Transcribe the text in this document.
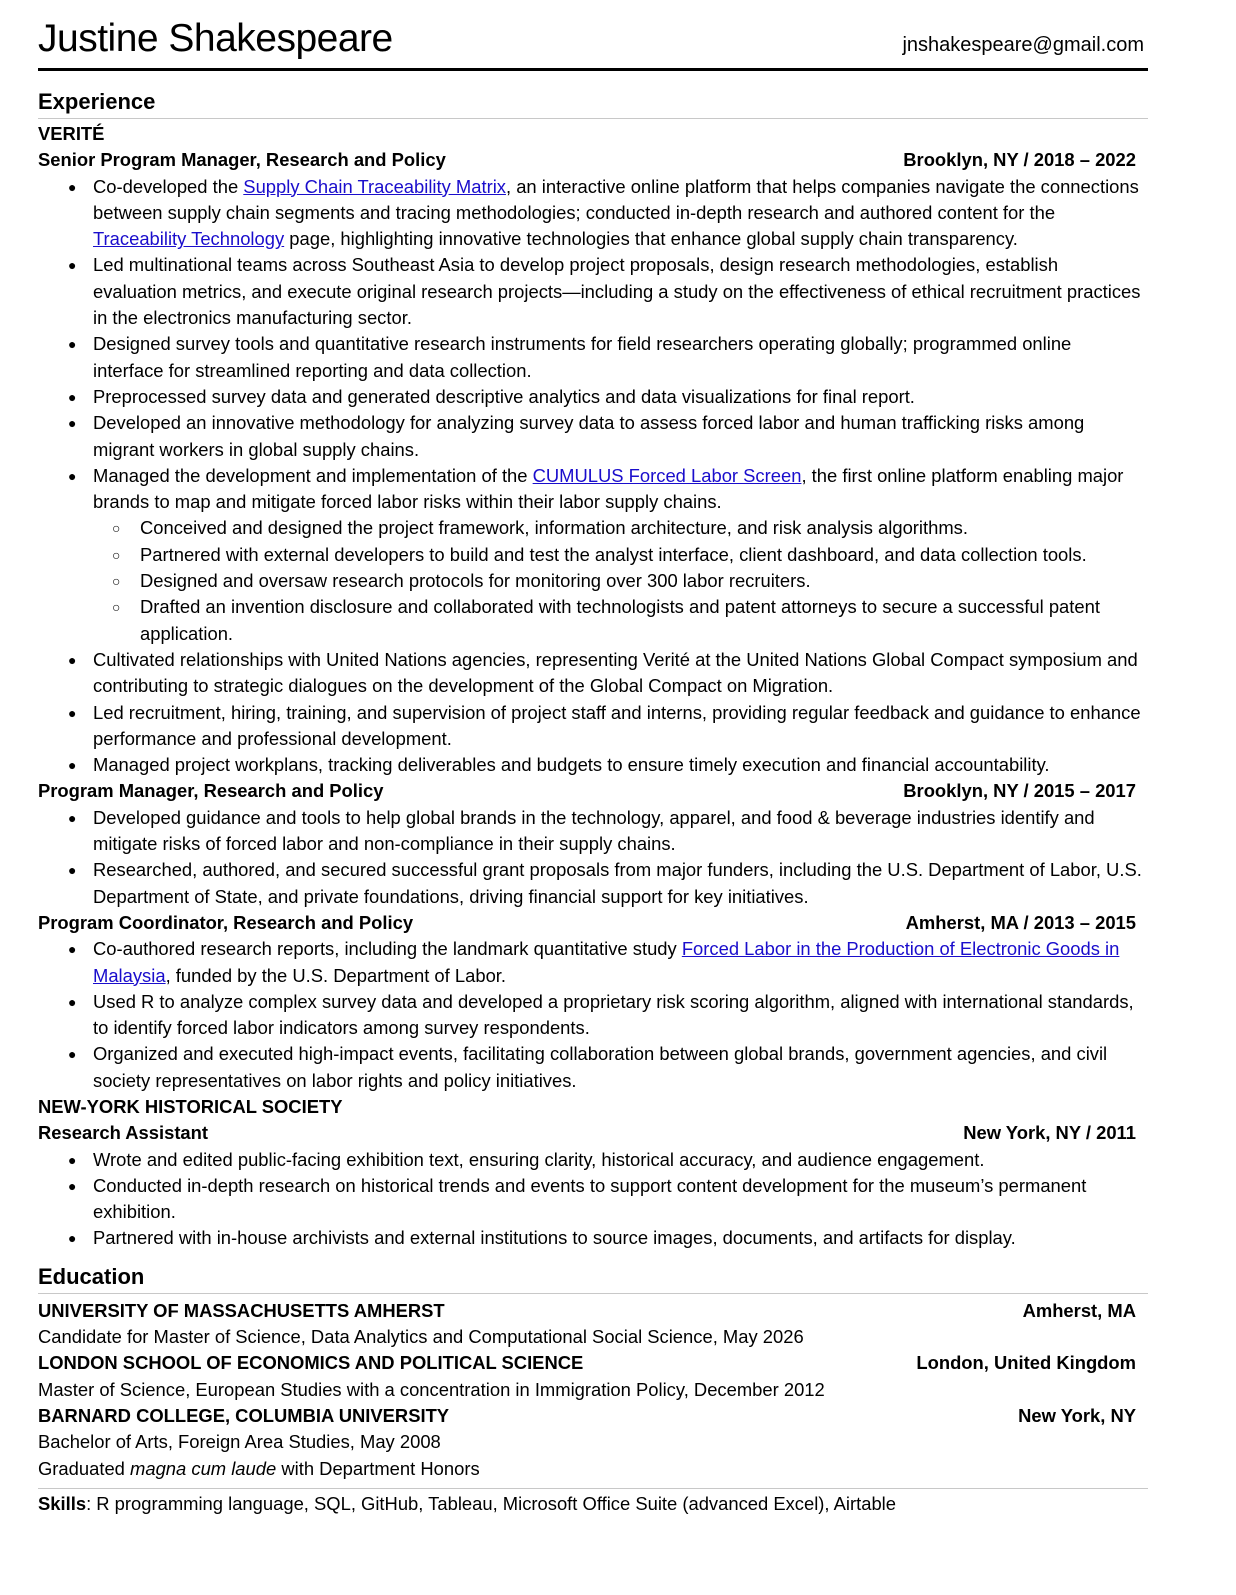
Justine Shakespeare	jnshakespeare@gmail.com
Experience
VERITÉ
Senior Program Manager, Research and Policy	Brooklyn, NY / 2018 – 2022
● Co-developed the Supply Chain Traceability Matrix, an interactive online platform that helps companies navigate the connections between supply chain segments and tracing methodologies; conducted in-depth research and authored content for the Traceability Technology page, highlighting innovative technologies that enhance global supply chain transparency.
● Led multinational teams across Southeast Asia to develop project proposals, design research methodologies, establish evaluation metrics, and execute original research projects—including a study on the effectiveness of ethical recruitment practices in the electronics manufacturing sector.
● Designed survey tools and quantitative research instruments for field researchers operating globally; programmed online interface for streamlined reporting and data collection.
● Preprocessed survey data and generated descriptive analytics and data visualizations for final report.
● Developed an innovative methodology for analyzing survey data to assess forced labor and human trafficking risks among migrant workers in global supply chains.
● Managed the development and implementation of the CUMULUS Forced Labor Screen, the first online platform enabling major brands to map and mitigate forced labor risks within their labor supply chains.
○ Conceived and designed the project framework, information architecture, and risk analysis algorithms.
○ Partnered with external developers to build and test the analyst interface, client dashboard, and data collection tools.
○ Designed and oversaw research protocols for monitoring over 300 labor recruiters.
○ Drafted an invention disclosure and collaborated with technologists and patent attorneys to secure a successful patent application.
● Cultivated relationships with United Nations agencies, representing Verité at the United Nations Global Compact symposium and contributing to strategic dialogues on the development of the Global Compact on Migration.
● Led recruitment, hiring, training, and supervision of project staff and interns, providing regular feedback and guidance to enhance performance and professional development.
● Managed project workplans, tracking deliverables and budgets to ensure timely execution and financial accountability.
Program Manager, Research and Policy	Brooklyn, NY / 2015 – 2017
● Developed guidance and tools to help global brands in the technology, apparel, and food & beverage industries identify and mitigate risks of forced labor and non-compliance in their supply chains.
● Researched, authored, and secured successful grant proposals from major funders, including the U.S. Department of Labor, U.S. Department of State, and private foundations, driving financial support for key initiatives.
Program Coordinator, Research and Policy	Amherst, MA / 2013 – 2015
● Co-authored research reports, including the landmark quantitative study Forced Labor in the Production of Electronic Goods in Malaysia, funded by the U.S. Department of Labor.
● Used R to analyze complex survey data and developed a proprietary risk scoring algorithm, aligned with international standards, to identify forced labor indicators among survey respondents.
● Organized and executed high-impact events, facilitating collaboration between global brands, government agencies, and civil society representatives on labor rights and policy initiatives.
NEW-YORK HISTORICAL SOCIETY
Research Assistant	New York, NY / 2011
● Wrote and edited public-facing exhibition text, ensuring clarity, historical accuracy, and audience engagement.
● Conducted in-depth research on historical trends and events to support content development for the museum’s permanent exhibition.
● Partnered with in-house archivists and external institutions to source images, documents, and artifacts for display.
Education
UNIVERSITY OF MASSACHUSETTS AMHERST	Amherst, MA
Candidate for Master of Science, Data Analytics and Computational Social Science, May 2026
LONDON SCHOOL OF ECONOMICS AND POLITICAL SCIENCE	London, United Kingdom
Master of Science, European Studies with a concentration in Immigration Policy, December 2012
BARNARD COLLEGE, COLUMBIA UNIVERSITY	New York, NY
Bachelor of Arts, Foreign Area Studies, May 2008
Graduated magna cum laude with Department Honors
Skills: R programming language, SQL, GitHub, Tableau, Microsoft Office Suite (advanced Excel), Airtable
